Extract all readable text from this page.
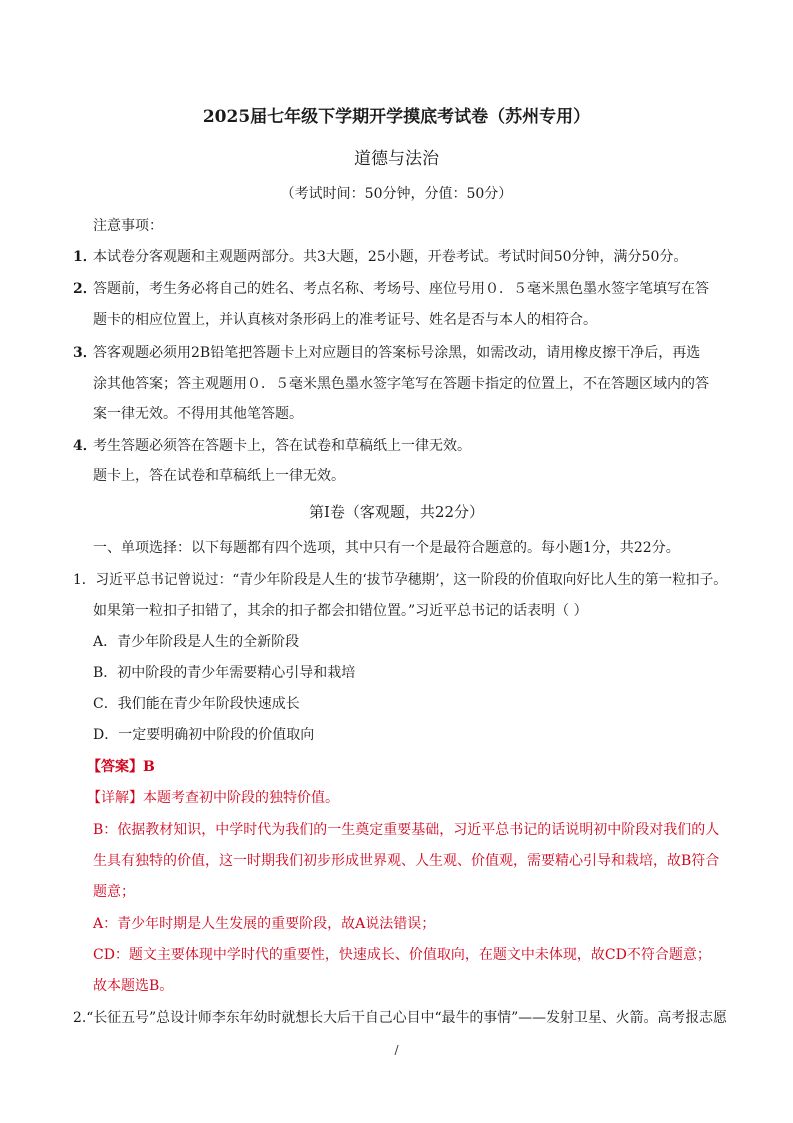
2025届七年级下学期开学摸底考试卷（苏州专用）
道德与法治
（考试时间：50分钟，分值：50分）
注意事项：
1．
本试卷分客观题和主观题两部分。共3大题，25小题，开卷考试。考试时间50分钟，满分50分。
2．
答题前，考生务必将自己的姓名、考点名称、考场号、座位号用０．５毫米黑色墨水签字笔填写在答
题卡的相应位置上，并认真核对条形码上的准考证号、姓名是否与本人的相符合。
3．
答客观题必须用2B铅笔把答题卡上对应题目的答案标号涂黑，如需改动，请用橡皮擦干净后，再选
涂其他答案；答主观题用０．５毫米黑色墨水签字笔写在答题卡指定的位置上，不在答题区域内的答
案一律无效。不得用其他笔答题。
4．
考生答题必须答在答题卡上，答在试卷和草稿纸上一律无效。
题卡上，答在试卷和草稿纸上一律无效。
第Ⅰ卷（客观题，共22分）
一、单项选择：以下每题都有四个选项，其中只有一个是最符合题意的。每小题1分，共22分。
1．习近平总书记曾说过：“青少年阶段是人生的‘拔节孕穗期’，这一阶段的价值取向好比人生的第一粒扣子。
如果第一粒扣子扣错了，其余的扣子都会扣错位置。”习近平总书记的话表明（ ）
A．青少年阶段是人生的全新阶段
B．初中阶段的青少年需要精心引导和栽培
C．我们能在青少年阶段快速成长
D．一定要明确初中阶段的价值取向
【答案】B
【详解】本题考查初中阶段的独特价值。
B：依据教材知识，中学时代为我们的一生奠定重要基础，习近平总书记的话说明初中阶段对我们的人
生具有独特的价值，这一时期我们初步形成世界观、人生观、价值观，需要精心引导和栽培，故B符合
题意；
A：青少年时期是人生发展的重要阶段，故A说法错误；
CD：题文主要体现中学时代的重要性，快速成长、价值取向，在题文中未体现，故CD不符合题意；
故本题选B。
2.“长征五号”总设计师李东年幼时就想长大后干自己心目中“最牛的事情”——发射卫星、火箭。高考报志愿
/
